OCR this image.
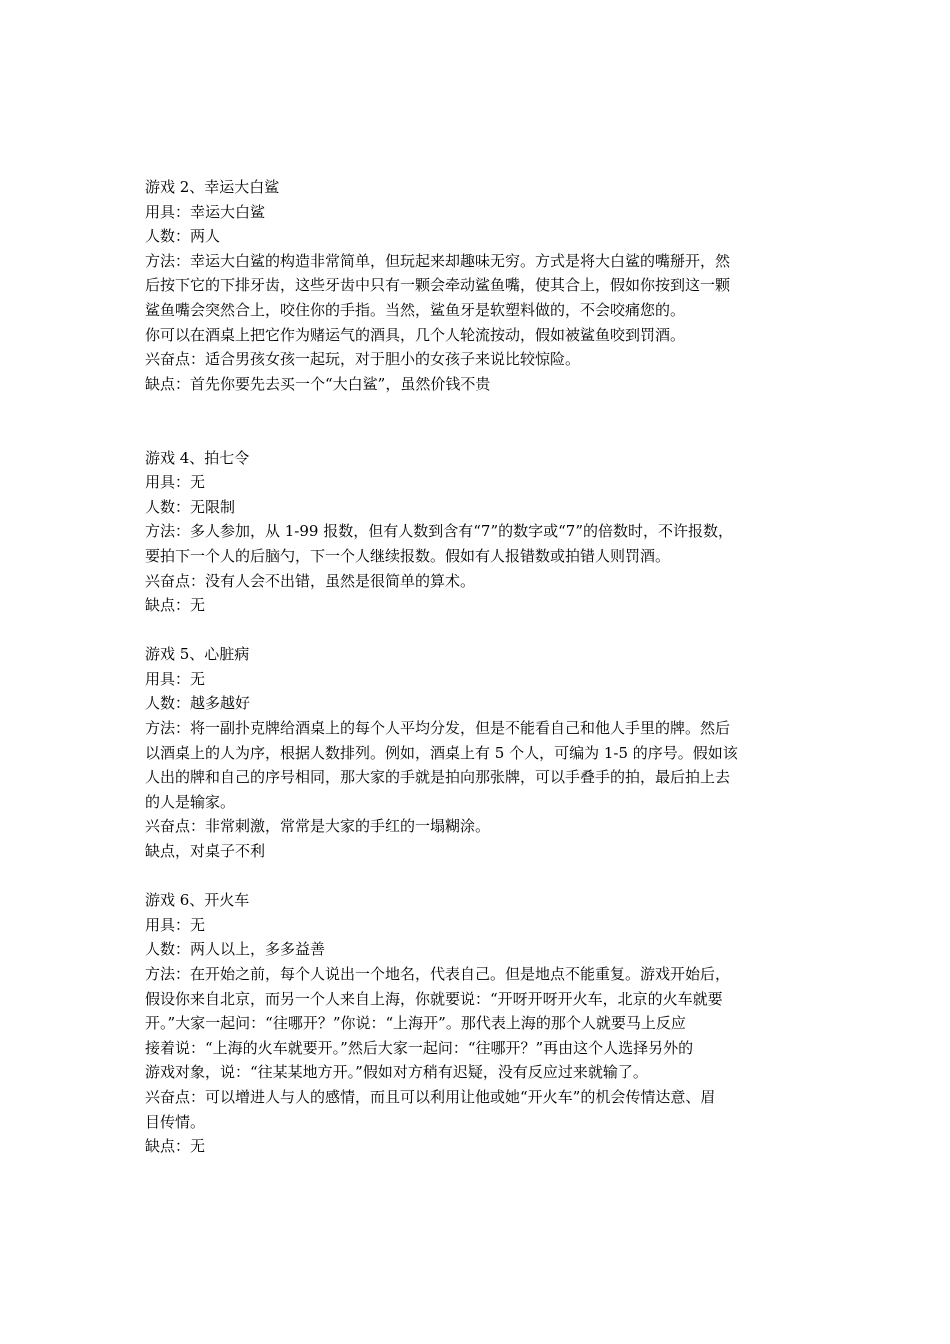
游戏 2、幸运大白鲨
用具：幸运大白鲨
人数：两人
方法：幸运大白鲨的构造非常简单，但玩起来却趣味无穷。方式是将大白鲨的嘴掰开，然
后按下它的下排牙齿，这些牙齿中只有一颗会牵动鲨鱼嘴，使其合上，假如你按到这一颗
鲨鱼嘴会突然合上，咬住你的手指。当然，鲨鱼牙是软塑料做的，不会咬痛您的。
你可以在酒桌上把它作为赌运气的酒具，几个人轮流按动，假如被鲨鱼咬到罚酒。
兴奋点：适合男孩女孩一起玩，对于胆小的女孩子来说比较惊险。
缺点：首先你要先去买一个“大白鲨”，虽然价钱不贵
游戏 4、拍七令
用具：无
人数：无限制
方法：多人参加，从 1-99 报数，但有人数到含有“7”的数字或“7”的倍数时，不许报数，
要拍下一个人的后脑勺，下一个人继续报数。假如有人报错数或拍错人则罚酒。
兴奋点：没有人会不出错，虽然是很简单的算术。
缺点：无
游戏 5、心脏病
用具：无
人数：越多越好
方法：将一副扑克牌给酒桌上的每个人平均分发，但是不能看自己和他人手里的牌。然后
以酒桌上的人为序，根据人数排列。例如，酒桌上有 5 个人，可编为 1-5 的序号。假如该
人出的牌和自己的序号相同，那大家的手就是拍向那张牌，可以手叠手的拍，最后拍上去
的人是输家。
兴奋点：非常刺激，常常是大家的手红的一塌糊涂。
缺点，对桌子不利
游戏 6、开火车
用具：无
人数：两人以上，多多益善
方法：在开始之前，每个人说出一个地名，代表自己。但是地点不能重复。游戏开始后，
假设你来自北京，而另一个人来自上海，你就要说：“开呀开呀开火车，北京的火车就要
开。”大家一起问：“往哪开？”你说：“上海开”。那代表上海的那个人就要马上反应
接着说：“上海的火车就要开。”然后大家一起问：“往哪开？”再由这个人选择另外的
游戏对象，说：“往某某地方开。”假如对方稍有迟疑，没有反应过来就输了。
兴奋点：可以增进人与人的感情，而且可以利用让他或她“开火车”的机会传情达意、眉
目传情。
缺点：无
